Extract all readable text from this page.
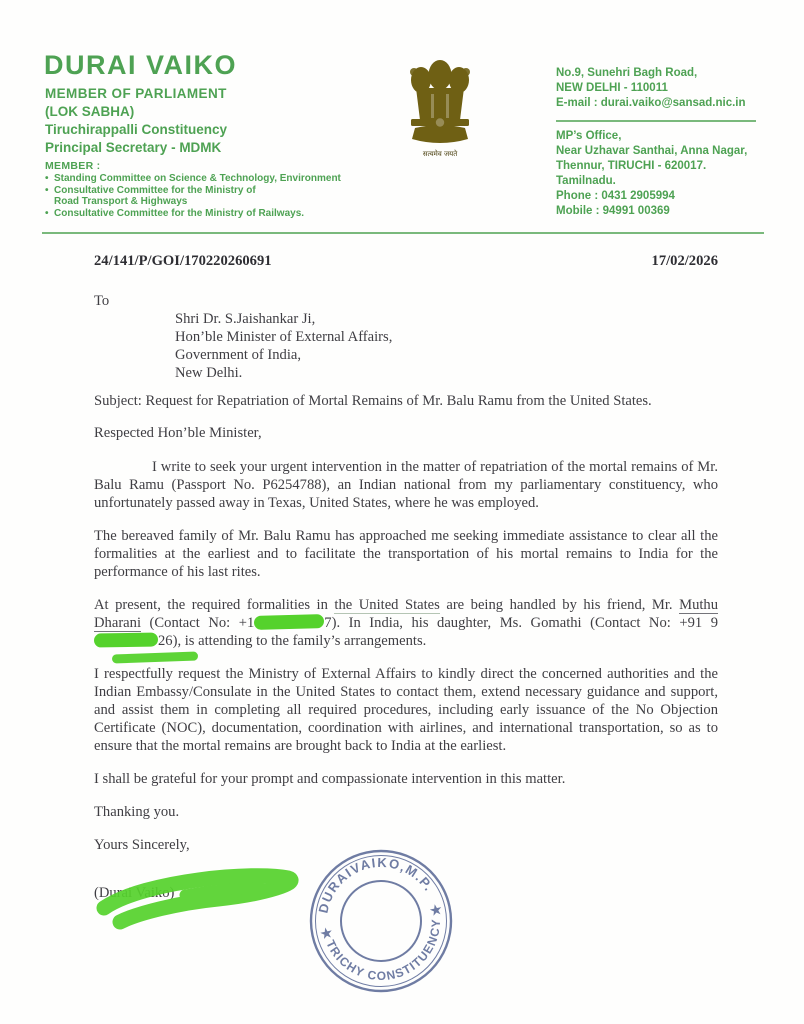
DURAI VAIKO
MEMBER OF PARLIAMENT
(LOK SABHA)
Tiruchirappalli Constituency
Principal Secretary - MDMK
MEMBER :
• Standing Committee on Science & Technology, Environment
• Consultative Committee for the Ministry of
Road Transport & Highways
• Consultative Committee for the Ministry of Railways.
सत्यमेव जयते
No.9, Sunehri Bagh Road,
NEW DELHI - 110011
E-mail : durai.vaiko@sansad.nic.in
MP’s Office,
Near Uzhavar Santhai, Anna Nagar,
Thennur, TIRUCHI - 620017.
Tamilnadu.
Phone : 0431 2905994
Mobile : 94991 00369
24/141/P/GOI/170220260691	17/02/2026
To
Shri Dr. S.Jaishankar Ji,
Hon’ble Minister of External Affairs,
Government of India,
New Delhi.
Subject: Request for Repatriation of Mortal Remains of Mr. Balu Ramu from the United States.
Respected Hon’ble Minister,

I write to seek your urgent intervention in the matter of repatriation of the mortal remains of Mr. Balu Ramu (Passport No. P6254788), an Indian national from my parliamentary constituency, who unfortunately passed away in Texas, United States, where he was employed.

The bereaved family of Mr. Balu Ramu has approached me seeking immediate assistance to clear all the formalities at the earliest and to facilitate the transportation of his mortal remains to India for the performance of his last rites.

At present, the required formalities in the United States are being handled by his friend, Mr. Muthu Dharani (Contact No: +1	7). In India, his daughter, Ms. Gomathi (Contact No: +91 926), is attending to the family’s arrangements.

I respectfully request the Ministry of External Affairs to kindly direct the concerned authorities and the Indian Embassy/Consulate in the United States to contact them, extend necessary guidance and support, and assist them in completing all required procedures, including early issuance of the No Objection Certificate (NOC), documentation, coordination with airlines, and international transportation, so as to ensure that the mortal remains are brought back to India at the earliest.

I shall be grateful for your prompt and compassionate intervention in this matter.

Thanking you.

Yours Sincerely,

(Durai Vaiko)
DURAIVAIKO,M.P.
TRICHY CONSTITUENCY
★
★
